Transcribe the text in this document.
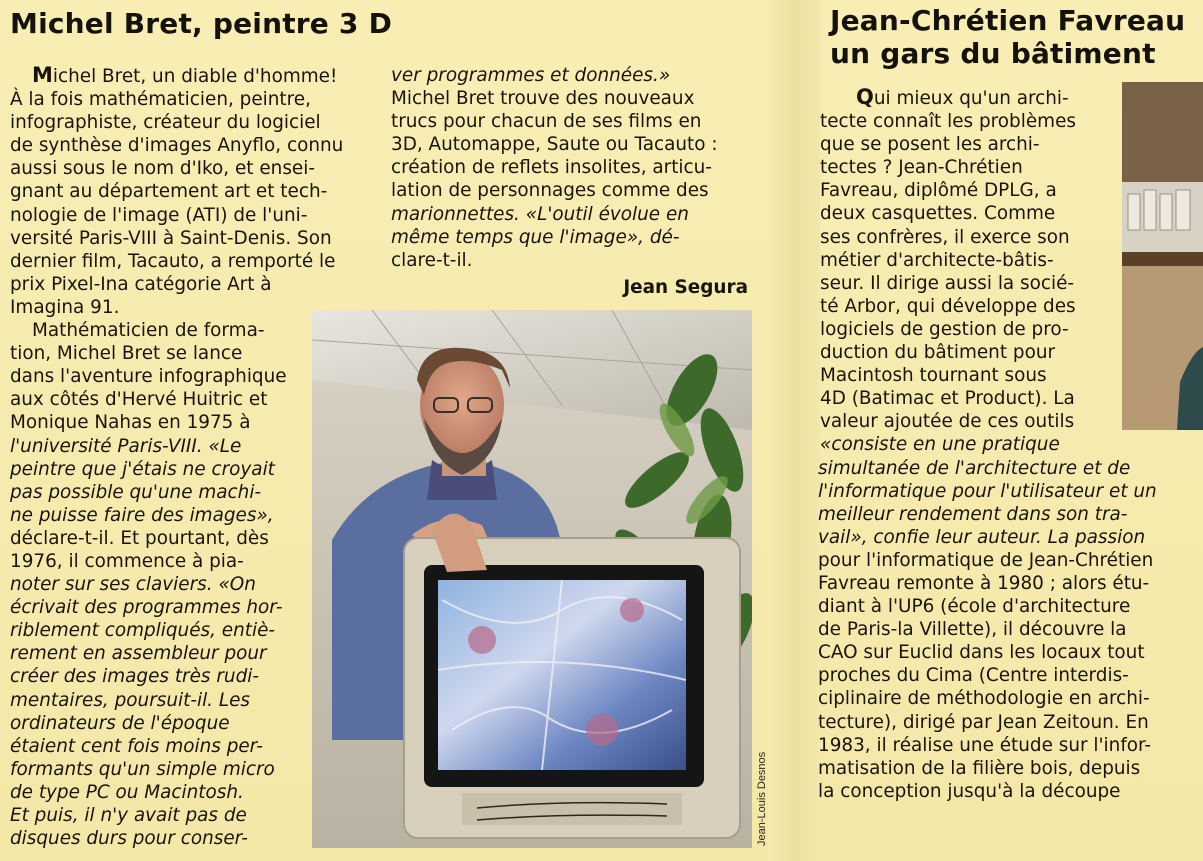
Michel Bret, peintre 3 D

Michel Bret, un diable d'homme!
À la fois mathématicien, peintre,
infographiste, créateur du logiciel
de synthèse d'images Anyflo, connu
aussi sous le nom d'Iko, et ensei-
gnant au département art et tech-
nologie de l'image (ATI) de l'uni-
versité Paris-VIII à Saint-Denis. Son
dernier film, Tacauto, a remporté le
prix Pixel-Ina catégorie Art à
Imagina 91.

Mathématicien de forma-
tion, Michel Bret se lance
dans l'aventure infographique
aux côtés d'Hervé Huitric et
Monique Nahas en 1975 à
l'université Paris-VIII. «Le
peintre que j'étais ne croyait
pas possible qu'une machi-
ne puisse faire des images»,
déclare-t-il. Et pourtant, dès
1976, il commence à pia-
noter sur ses claviers. «On
écrivait des programmes hor-
riblement compliqués, entiè-
rement en assembleur pour
créer des images très rudi-
mentaires, poursuit-il. Les
ordinateurs de l'époque
étaient cent fois moins per-
formants qu'un simple micro
de type PC ou Macintosh.
Et puis, il n'y avait pas de
disques durs pour conser-

ver programmes et données.»
Michel Bret trouve des nouveaux
trucs pour chacun de ses films en
3D, Automappe, Saute ou Tacauto :
création de reflets insolites, articu-
lation de personnages comme des
marionnettes. «L'outil évolue en
même temps que l'image», dé-
clare-t-il.

Jean Segura

Jean-Louis Desnos
Jean-Chrétien Favreau
un gars du bâtiment

Qui mieux qu'un archi-
tecte connaît les problèmes
que se posent les archi-
tectes ? Jean-Chrétien
Favreau, diplômé DPLG, a
deux casquettes. Comme
ses confrères, il exerce son
métier d'architecte-bâtis-
seur. Il dirige aussi la socié-
té Arbor, qui développe des
logiciels de gestion de pro-
duction du bâtiment pour
Macintosh tournant sous
4D (Batimac et Product). La
valeur ajoutée de ces outils
«consiste en une pratique

simultanée de l'architecture et de
l'informatique pour l'utilisateur et un
meilleur rendement dans son tra-
vail», confie leur auteur. La passion
pour l'informatique de Jean-Chrétien
Favreau remonte à 1980 ; alors étu-
diant à l'UP6 (école d'architecture
de Paris-la Villette), il découvre la
CAO sur Euclid dans les locaux tout
proches du Cima (Centre interdis-
ciplinaire de méthodologie en archi-
tecture), dirigé par Jean Zeitoun. En
1983, il réalise une étude sur l'infor-
matisation de la filière bois, depuis
la conception jusqu'à la découpe
